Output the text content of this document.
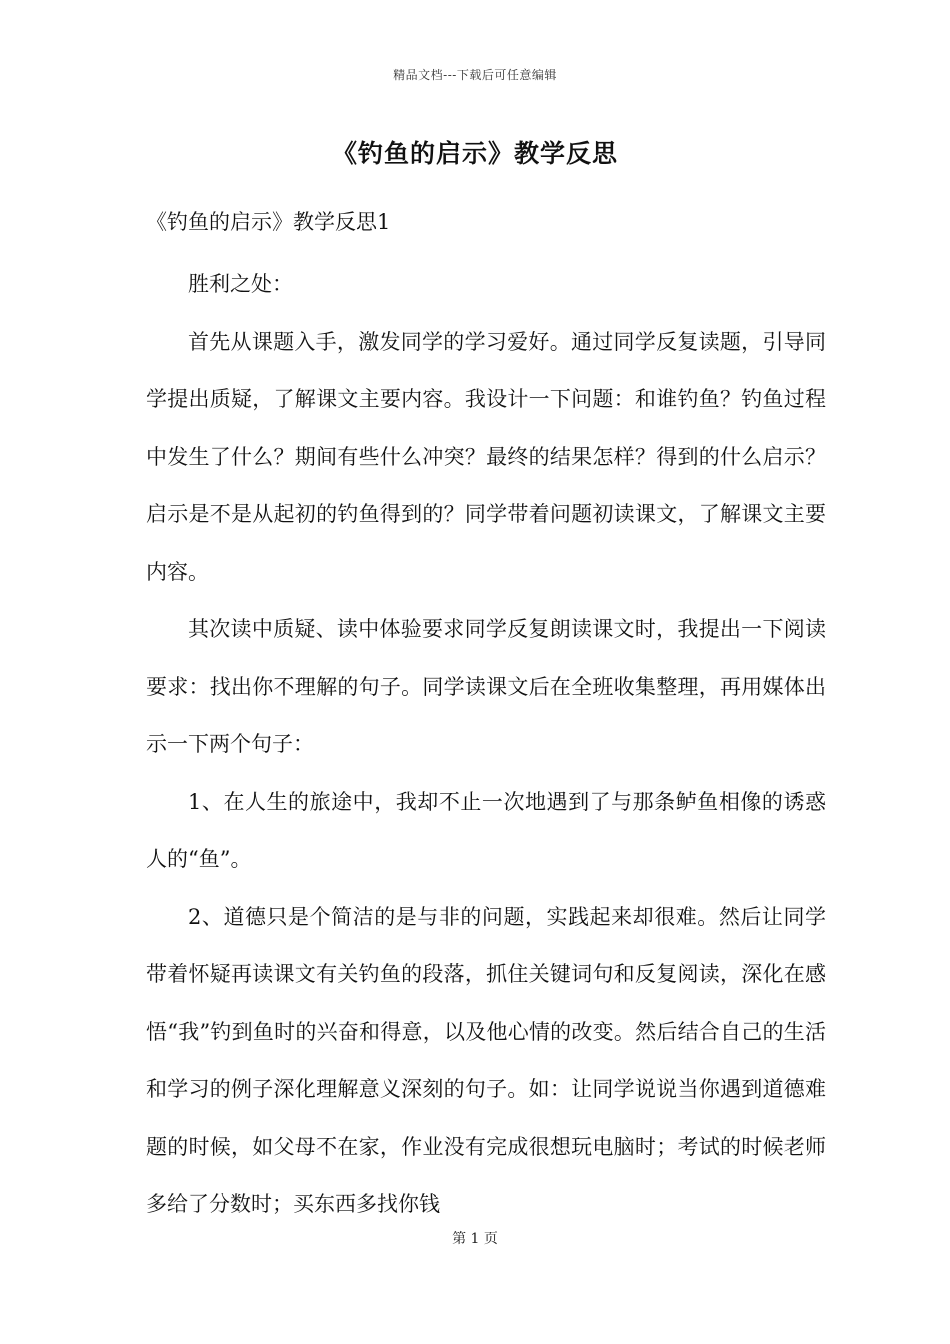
精品文档---下载后可任意编辑
《钓鱼的启示》教学反思
《钓鱼的启示》教学反思1

胜利之处：

首先从课题入手，激发同学的学习爱好。通过同学反复读题，引导同学提出质疑，了解课文主要内容。我设计一下问题：和谁钓鱼？钓鱼过程中发生了什么？期间有些什么冲突？最终的结果怎样？得到的什么启示？启示是不是从起初的钓鱼得到的？同学带着问题初读课文，了解课文主要内容。

其次读中质疑、读中体验要求同学反复朗读课文时，我提出一下阅读要求：找出你不理解的句子。同学读课文后在全班收集整理，再用媒体出示一下两个句子：

1、在人生的旅途中，我却不止一次地遇到了与那条鲈鱼相像的诱惑人的“鱼”。

2、道德只是个简洁的是与非的问题，实践起来却很难。然后让同学带着怀疑再读课文有关钓鱼的段落，抓住关键词句和反复阅读，深化在感悟“我”钓到鱼时的兴奋和得意，以及他心情的改变。然后结合自己的生活和学习的例子深化理解意义深刻的句子。如：让同学说说当你遇到道德难题的时候，如父母不在家，作业没有完成很想玩电脑时；考试的时候老师多给了分数时；买东西多找你钱

第 1 页
